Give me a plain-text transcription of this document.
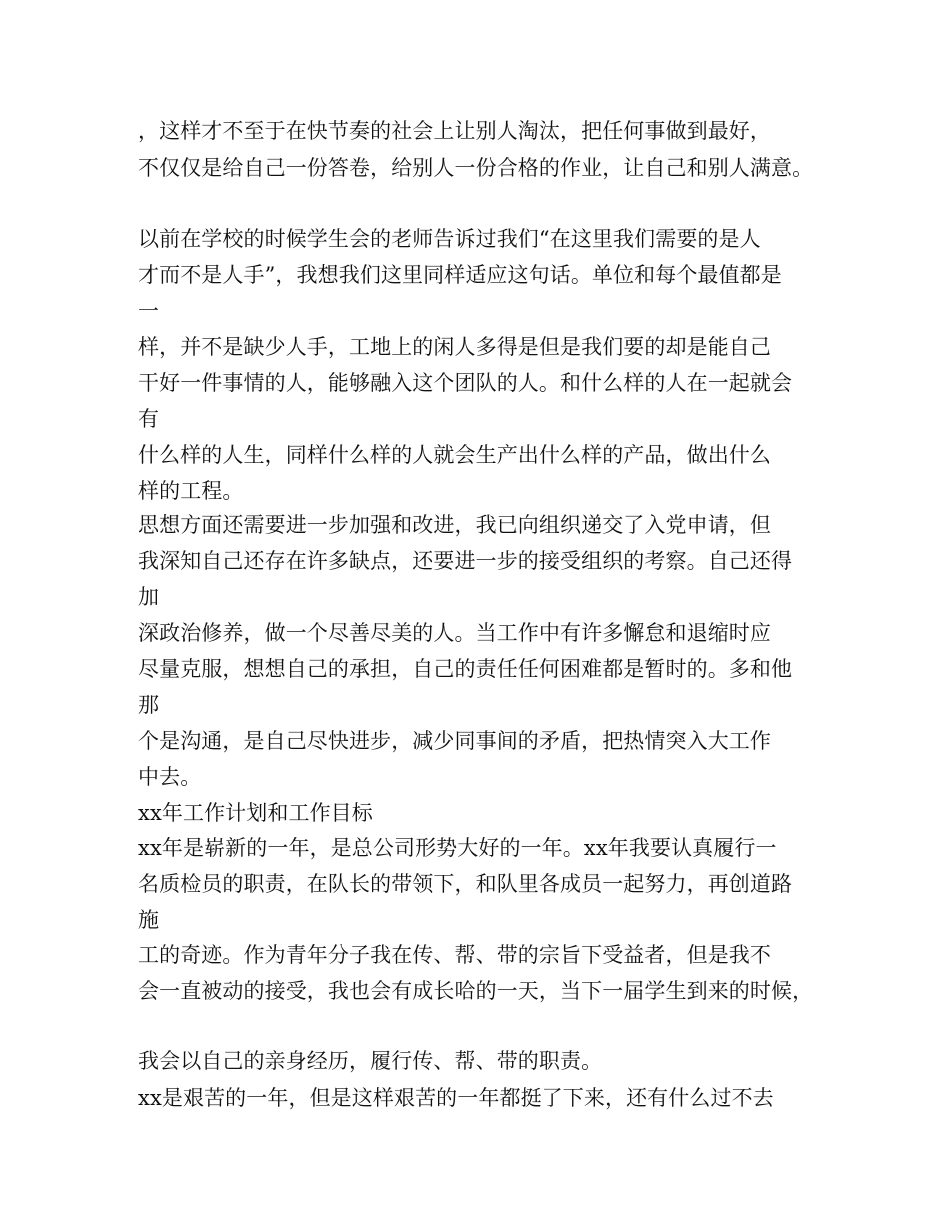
，这样才不至于在快节奏的社会上让别人淘汰，把任何事做到最好，
不仅仅是给自己一份答卷，给别人一份合格的作业，让自己和别人满意。
以前在学校的时候学生会的老师告诉过我们“在这里我们需要的是人
才而不是人手”，我想我们这里同样适应这句话。单位和每个最值都是
一
样，并不是缺少人手，工地上的闲人多得是但是我们要的却是能自己
干好一件事情的人，能够融入这个团队的人。和什么样的人在一起就会
有
什么样的人生，同样什么样的人就会生产出什么样的产品，做出什么
样的工程。
思想方面还需要进一步加强和改进，我已向组织递交了入党申请，但
我深知自己还存在许多缺点，还要进一步的接受组织的考察。自己还得
加
深政治修养，做一个尽善尽美的人。当工作中有许多懈怠和退缩时应
尽量克服，想想自己的承担，自己的责任任何困难都是暂时的。多和他
那
个是沟通，是自己尽快进步，减少同事间的矛盾，把热情突入大工作
中去。
xx年工作计划和工作目标
xx年是崭新的一年，是总公司形势大好的一年。xx年我要认真履行一
名质检员的职责，在队长的带领下，和队里各成员一起努力，再创道路
施
工的奇迹。作为青年分子我在传、帮、带的宗旨下受益者，但是我不
会一直被动的接受，我也会有成长哈的一天，当下一届学生到来的时候，
我会以自己的亲身经历，履行传、帮、带的职责。
xx是艰苦的一年，但是这样艰苦的一年都挺了下来，还有什么过不去
